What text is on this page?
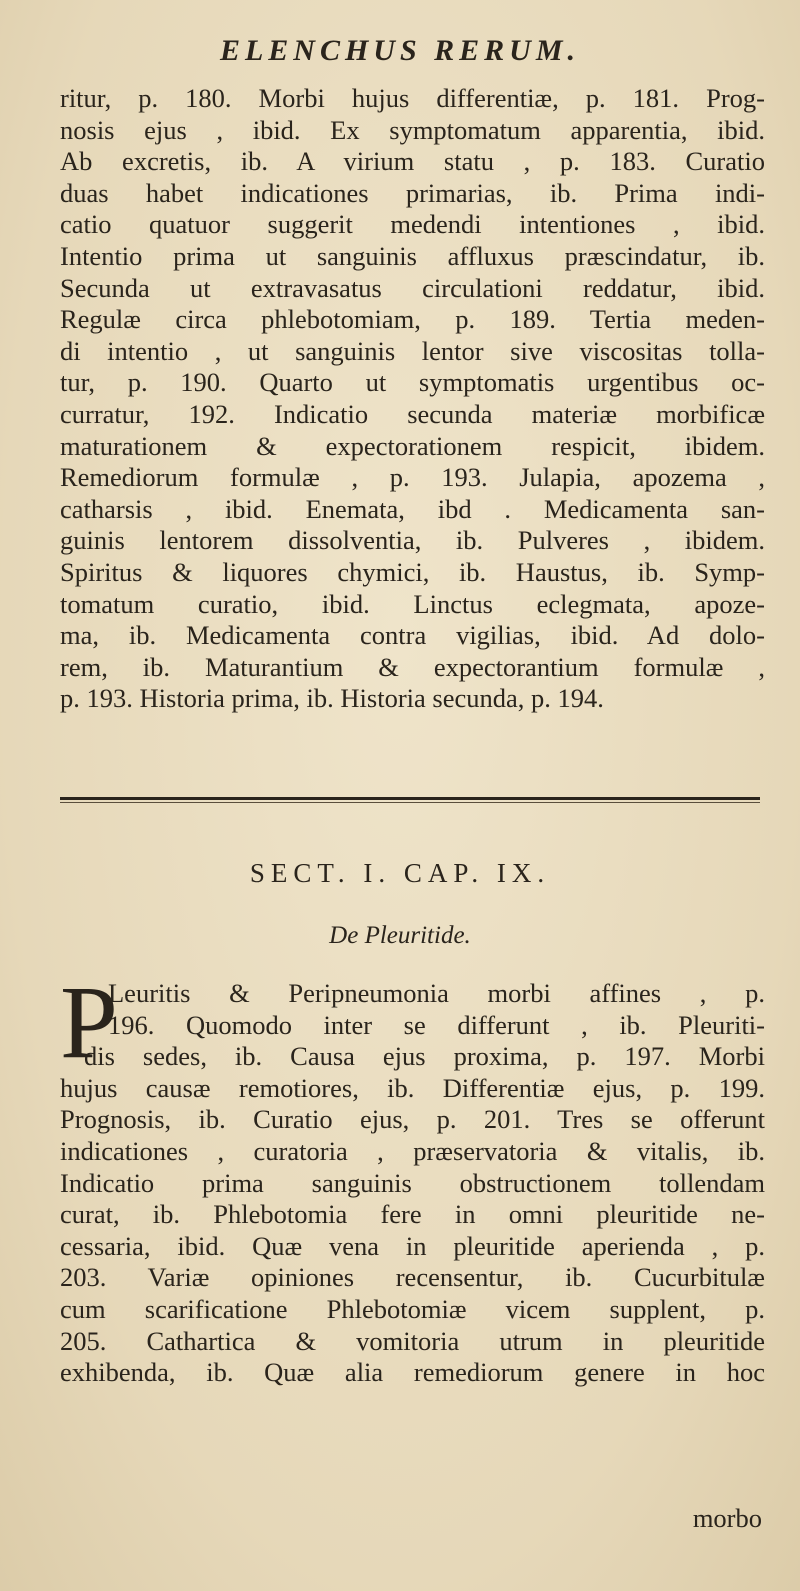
ELENCHUS RERUM.
ritur, p. 180. Morbi hujus differentiæ, p. 181. Prog-
nosis ejus , ibid. Ex symptomatum apparentia, ibid.
Ab excretis, ib. A virium statu , p. 183. Curatio
duas habet indicationes primarias, ib. Prima indi-
catio quatuor suggerit medendi intentiones , ibid.
Intentio prima ut sanguinis affluxus præscindatur, ib.
Secunda ut extravasatus circulationi reddatur, ibid.
Regulæ circa phlebotomiam, p. 189. Tertia meden-
di intentio , ut sanguinis lentor sive viscositas tolla-
tur, p. 190. Quarto ut symptomatis urgentibus oc-
curratur, 192. Indicatio secunda materiæ morbificæ
maturationem & expectorationem respicit, ibidem.
Remediorum formulæ , p. 193. Julapia, apozema ,
catharsis , ibid. Enemata, ibd . Medicamenta san-
guinis lentorem dissolventia, ib. Pulveres , ibidem.
Spiritus & liquores chymici, ib. Haustus, ib. Symp-
tomatum curatio, ibid. Linctus eclegmata, apoze-
ma, ib. Medicamenta contra vigilias, ibid. Ad dolo-
rem, ib. Maturantium & expectorantium formulæ ,
p. 193. Historia prima, ib. Historia secunda, p. 194.
SECT. I. CAP. IX.
De Pleuritide.
P
Leuritis & Peripneumonia morbi affines , p.
196. Quomodo inter se differunt , ib. Pleuriti-
dis sedes, ib. Causa ejus proxima, p. 197. Morbi
hujus causæ remotiores, ib. Differentiæ ejus, p. 199.
Prognosis, ib. Curatio ejus, p. 201. Tres se offerunt
indicationes , curatoria , præservatoria & vitalis, ib.
Indicatio prima sanguinis obstructionem tollendam
curat, ib. Phlebotomia fere in omni pleuritide ne-
cessaria, ibid. Quæ vena in pleuritide aperienda , p.
203. Variæ opiniones recensentur, ib. Cucurbitulæ
cum scarificatione Phlebotomiæ vicem supplent, p.
205. Cathartica & vomitoria utrum in pleuritide
exhibenda, ib. Quæ alia remediorum genere in hoc
morbo
